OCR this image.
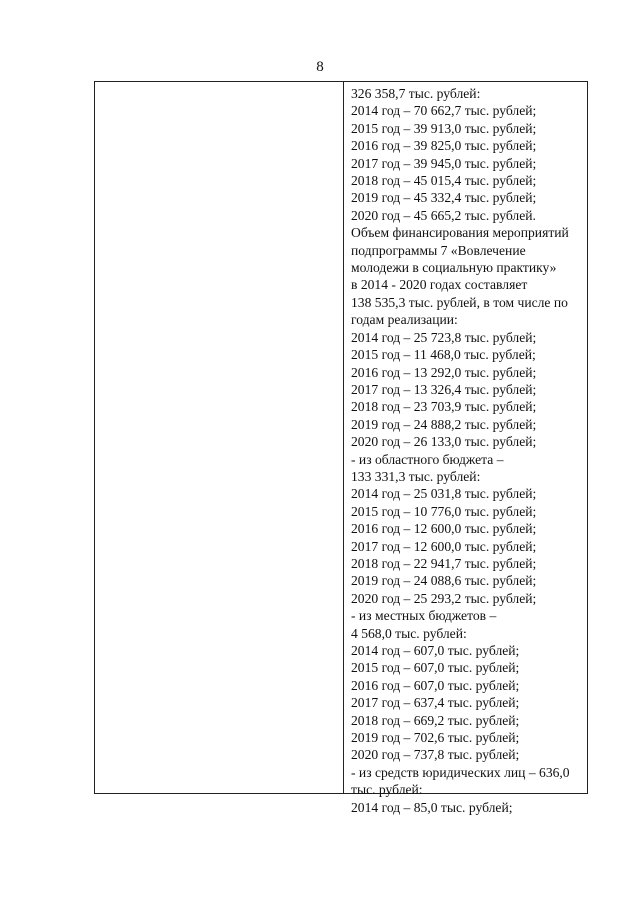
8
326 358,7 тыс. рублей:
2014 год – 70 662,7 тыс. рублей;
2015 год – 39 913,0 тыс. рублей;
2016 год – 39 825,0 тыс. рублей;
2017 год – 39 945,0 тыс. рублей;
2018 год – 45 015,4 тыс. рублей;
2019 год – 45 332,4 тыс. рублей;
2020 год – 45 665,2 тыс. рублей.
Объем финансирования мероприятий
подпрограммы 7 «Вовлечение
молодежи в социальную практику»
в 2014 - 2020 годах составляет
138 535,3 тыс. рублей, в том числе по
годам реализации:
2014 год – 25 723,8 тыс. рублей;
2015 год – 11 468,0 тыс. рублей;
2016 год – 13 292,0 тыс. рублей;
2017 год – 13 326,4 тыс. рублей;
2018 год – 23 703,9 тыс. рублей;
2019 год – 24 888,2 тыс. рублей;
2020 год – 26 133,0 тыс. рублей;
- из областного бюджета –
133 331,3 тыс. рублей:
2014 год – 25 031,8 тыс. рублей;
2015 год – 10 776,0 тыс. рублей;
2016 год – 12 600,0 тыс. рублей;
2017 год – 12 600,0 тыс. рублей;
2018 год – 22 941,7 тыс. рублей;
2019 год – 24 088,6 тыс. рублей;
2020 год – 25 293,2 тыс. рублей;
- из местных бюджетов –
4 568,0 тыс. рублей:
2014 год – 607,0 тыс. рублей;
2015 год – 607,0 тыс. рублей;
2016 год – 607,0 тыс. рублей;
2017 год – 637,4 тыс. рублей;
2018 год – 669,2 тыс. рублей;
2019 год – 702,6 тыс. рублей;
2020 год – 737,8 тыс. рублей;
- из средств юридических лиц – 636,0
тыс. рублей:
2014 год – 85,0 тыс. рублей;
